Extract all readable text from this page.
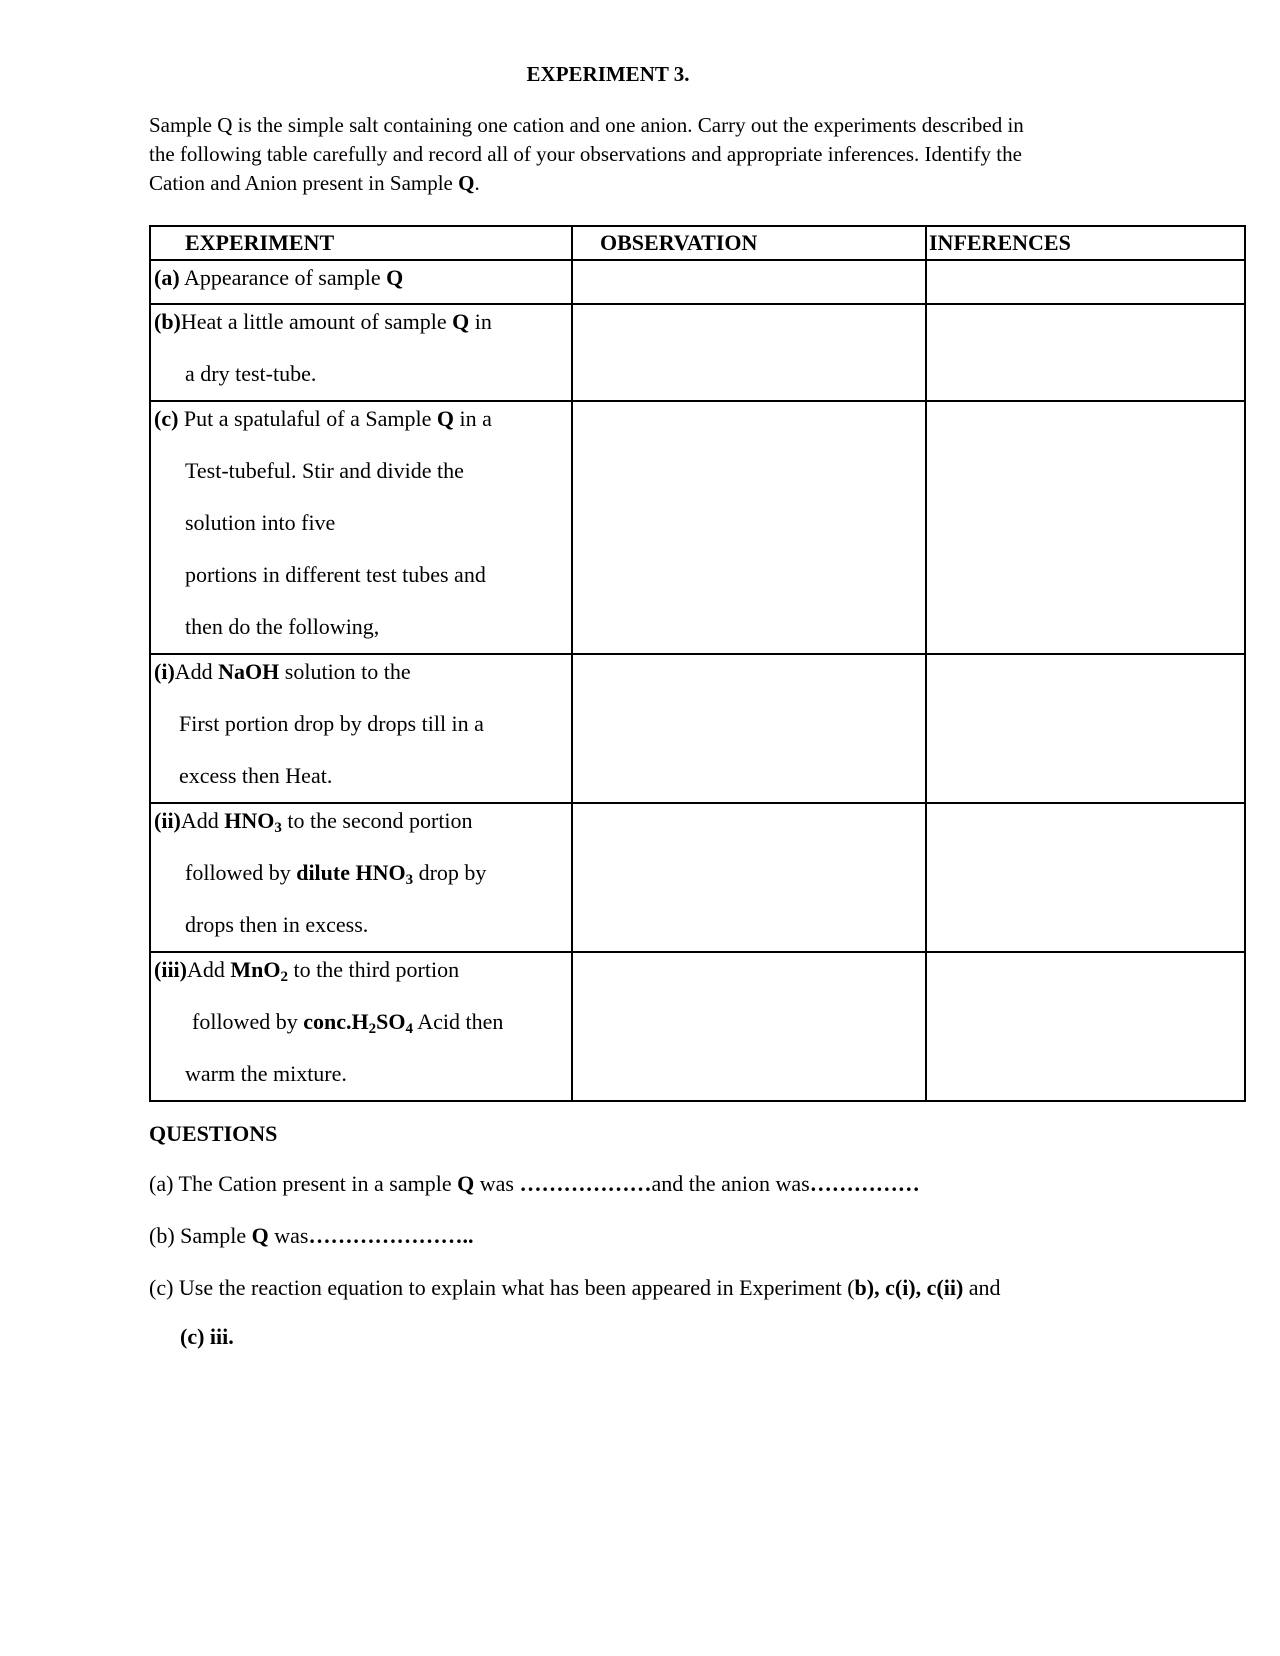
EXPERIMENT 3.
Sample Q is the simple salt containing one cation and one anion. Carry out the experiments described in
the following table carefully and record all of your observations and appropriate inferences. Identify the
Cation and Anion present in Sample Q.
EXPERIMENT	OBSERVATION	INFERENCES

(a) Appearance of sample Q		

(b)Heat a little amount of sample Q in
a dry test-tube.		

(c) Put a spatulaful of a Sample Q in a
Test-tubeful. Stir and divide the
solution into five
portions in different test tubes and
then do the following,		

(i)Add NaOH solution to the
First portion drop by drops till in a
excess then Heat.		

(ii)Add $HNO_3$ to the second portion
followed by dilute $HNO_3$ drop by
drops then in excess.		

(iii)Add MnO$_2$ to the third portion
followed by $conc.H_2SO_4$ Acid then
warm the mixture.		

QUESTIONS
(a) The Cation present in a sample Q was ………………and the anion was……………
(b) Sample Q was…………………..
(c) Use the reaction equation to explain what has been appeared in Experiment (b), c(i), c(ii) and
(c) iii.
